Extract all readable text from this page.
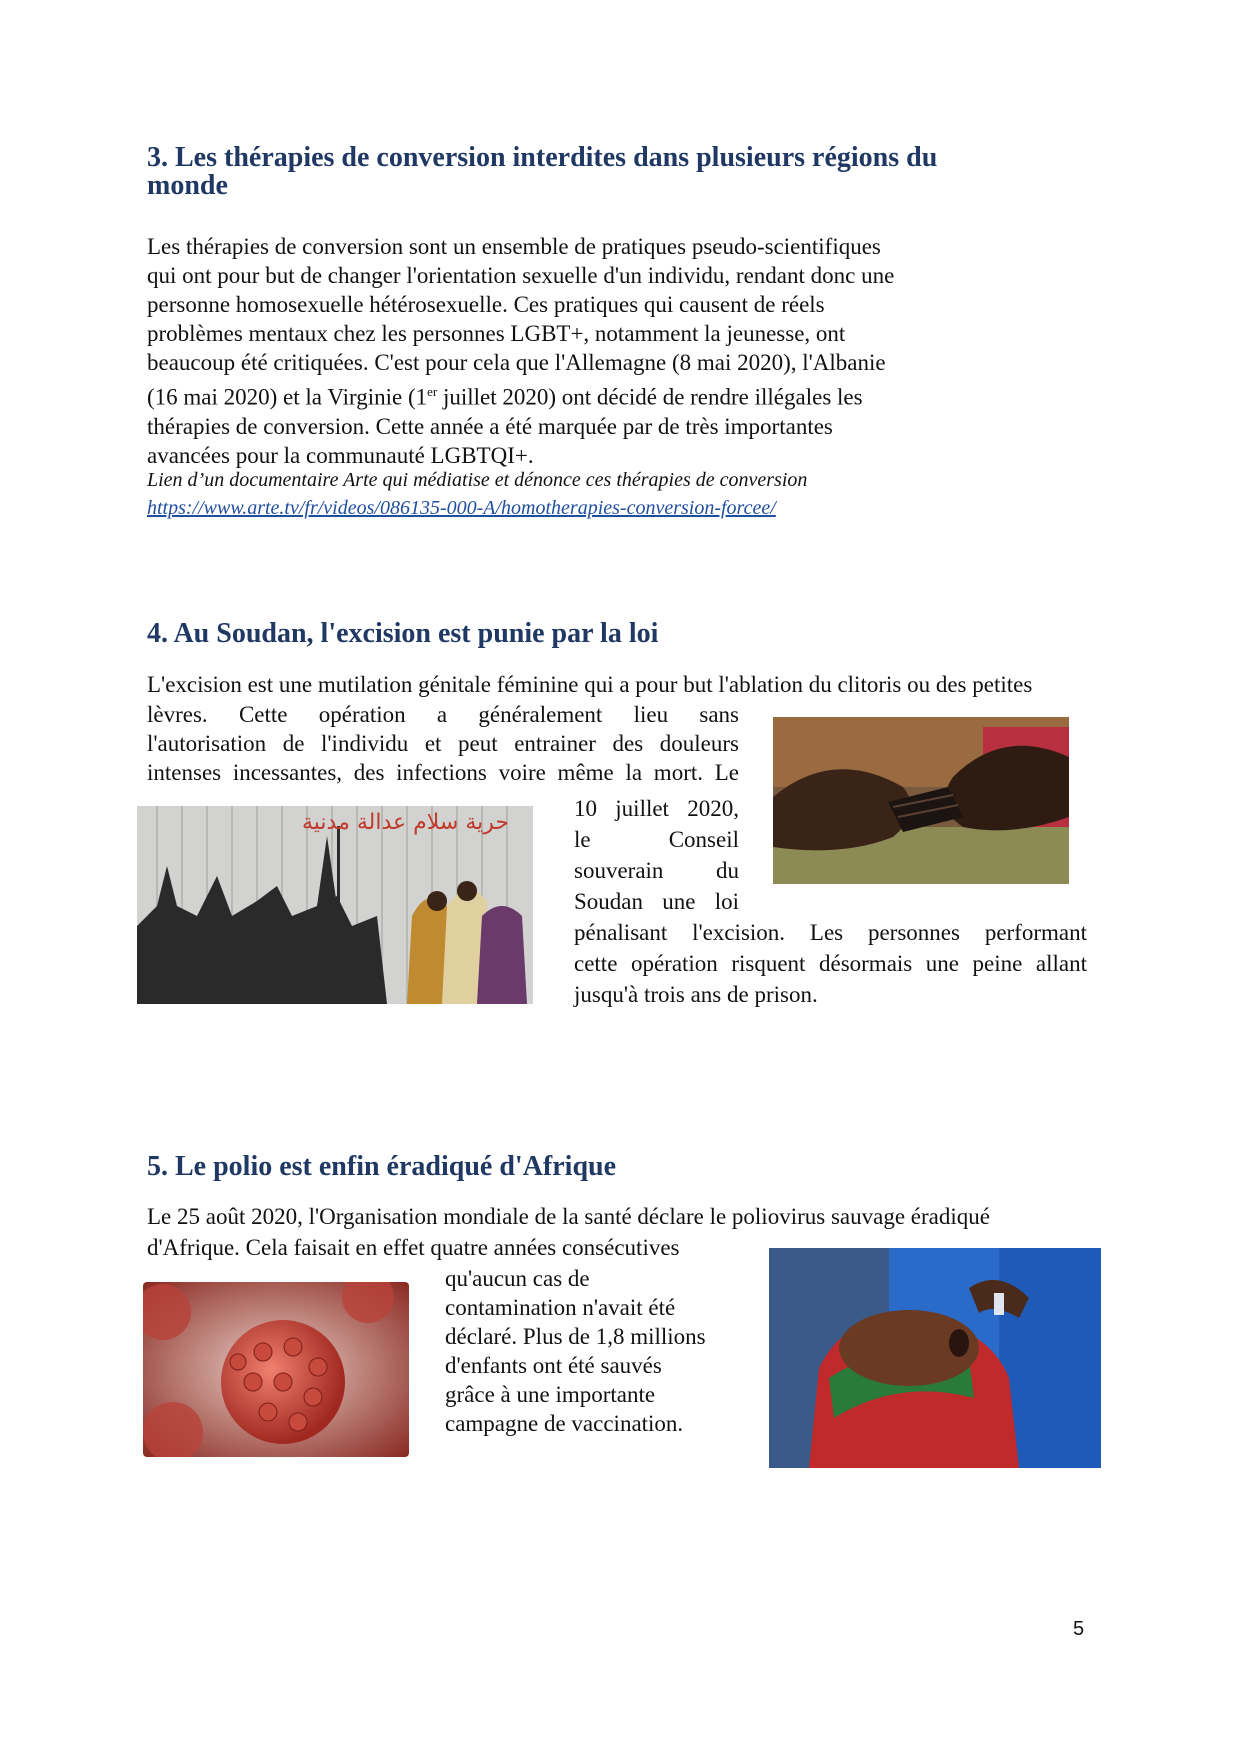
3. Les thérapies de conversion interdites dans plusieurs régions du
monde
Les thérapies de conversion sont un ensemble de pratiques pseudo-scientifiques
qui ont pour but de changer l'orientation sexuelle d'un individu, rendant donc une
personne homosexuelle hétérosexuelle. Ces pratiques qui causent de réels
problèmes mentaux chez les personnes LGBT+, notamment la jeunesse, ont
beaucoup été critiquées. C'est pour cela que l'Allemagne (8 mai 2020), l'Albanie
(16 mai 2020) et la Virginie (1er juillet 2020) ont décidé de rendre illégales les
thérapies de conversion. Cette année a été marquée par de très importantes
avancées pour la communauté LGBTQI+.
Lien d’un documentaire Arte qui médiatise et dénonce ces thérapies de conversion
https://www.arte.tv/fr/videos/086135-000-A/homotherapies-conversion-forcee/
4. Au Soudan, l'excision est punie par la loi
L'excision est une mutilation génitale féminine qui a pour but l'ablation du clitoris ou des petites
lèvres. Cette opération a généralement lieu sans
l'autorisation de l'individu et peut entrainer des douleurs
intenses incessantes, des infections voire même la mort. Le
10 juillet 2020,
le Conseil
souverain du
Soudan une loi
pénalisant l'excision. Les personnes performant
cette opération risquent désormais une peine allant
jusqu'à trois ans de prison.
حرية سلام عدالة مدنية
5. Le polio est enfin éradiqué d'Afrique
Le 25 août 2020, l'Organisation mondiale de la santé déclare le poliovirus sauvage éradiqué
d'Afrique. Cela faisait en effet quatre années consécutives
qu'aucun cas de
contamination n'avait été
déclaré. Plus de 1,8 millions
d'enfants ont été sauvés
grâce à une importante
campagne de vaccination.
5
